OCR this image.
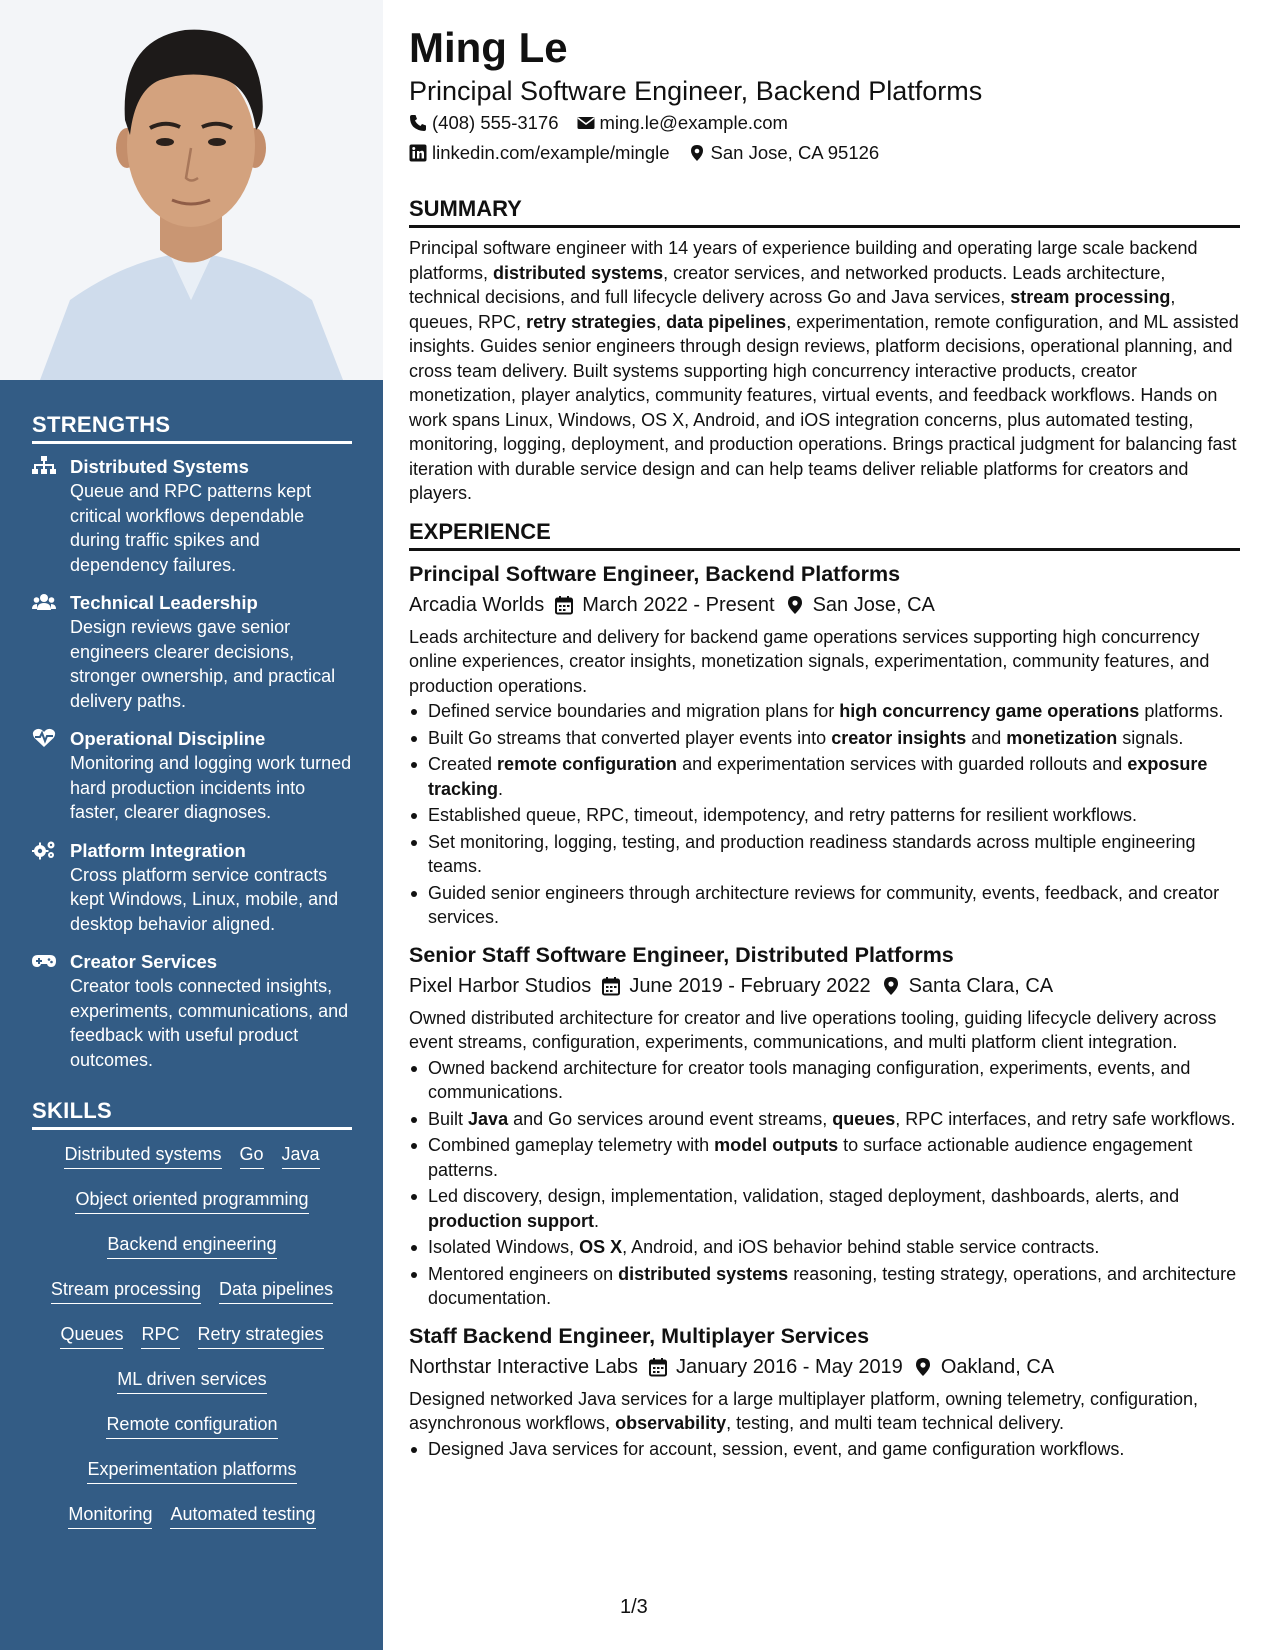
STRENGTHS
Distributed Systems
Queue and RPC patterns kept critical workflows dependable during traffic spikes and dependency failures.
Technical Leadership
Design reviews gave senior engineers clearer decisions, stronger ownership, and practical delivery paths.
Operational Discipline
Monitoring and logging work turned hard production incidents into faster, clearer diagnoses.
Platform Integration
Cross platform service contracts kept Windows, Linux, mobile, and desktop behavior aligned.
Creator Services
Creator tools connected insights, experiments, communications, and feedback with useful product outcomes.
SKILLS
Distributed systems Go Java
Object oriented programming
Backend engineering
Stream processing Data pipelines
Queues RPC Retry strategies
ML driven services
Remote configuration
Experimentation platforms
Monitoring Automated testing
Ming Le
Principal Software Engineer, Backend Platforms
(408) 555-3176 ming.le@example.com
linkedin.com/example/mingle San Jose, CA 95126
SUMMARY

Principal software engineer with 14 years of experience building and operating large scale backend platforms, distributed systems, creator services, and networked products. Leads architecture, technical decisions, and full lifecycle delivery across Go and Java services, stream processing, queues, RPC, retry strategies, data pipelines, experimentation, remote configuration, and ML assisted insights. Guides senior engineers through design reviews, platform decisions, operational planning, and cross team delivery. Built systems supporting high concurrency interactive products, creator monetization, player analytics, community features, virtual events, and feedback workflows. Hands on work spans Linux, Windows, OS X, Android, and iOS integration concerns, plus automated testing, monitoring, logging, deployment, and production operations. Brings practical judgment for balancing fast iteration with durable service design and can help teams deliver reliable platforms for creators and players.

EXPERIENCE
Principal Software Engineer, Backend Platforms
Arcadia Worlds March 2022 - Present San Jose, CA

Leads architecture and delivery for backend game operations services supporting high concurrency online experiences, creator insights, monetization signals, experimentation, community features, and production operations.

Defined service boundaries and migration plans for high concurrency game operations platforms.
Built Go streams that converted player events into creator insights and monetization signals.
Created remote configuration and experimentation services with guarded rollouts and exposure tracking.
Established queue, RPC, timeout, idempotency, and retry patterns for resilient workflows.
Set monitoring, logging, testing, and production readiness standards across multiple engineering teams.
Guided senior engineers through architecture reviews for community, events, feedback, and creator services.
Senior Staff Software Engineer, Distributed Platforms
Pixel Harbor Studios June 2019 - February 2022 Santa Clara, CA

Owned distributed architecture for creator and live operations tooling, guiding lifecycle delivery across event streams, configuration, experiments, communications, and multi platform client integration.

Owned backend architecture for creator tools managing configuration, experiments, events, and communications.
Built Java and Go services around event streams, queues, RPC interfaces, and retry safe workflows.
Combined gameplay telemetry with model outputs to surface actionable audience engagement patterns.
Led discovery, design, implementation, validation, staged deployment, dashboards, alerts, and production support.
Isolated Windows, OS X, Android, and iOS behavior behind stable service contracts.
Mentored engineers on distributed systems reasoning, testing strategy, operations, and architecture documentation.
Staff Backend Engineer, Multiplayer Services
Northstar Interactive Labs January 2016 - May 2019 Oakland, CA

Designed networked Java services for a large multiplayer platform, owning telemetry, configuration, asynchronous workflows, observability, testing, and multi team technical delivery.

Designed Java services for account, session, event, and game configuration workflows.
1/3
